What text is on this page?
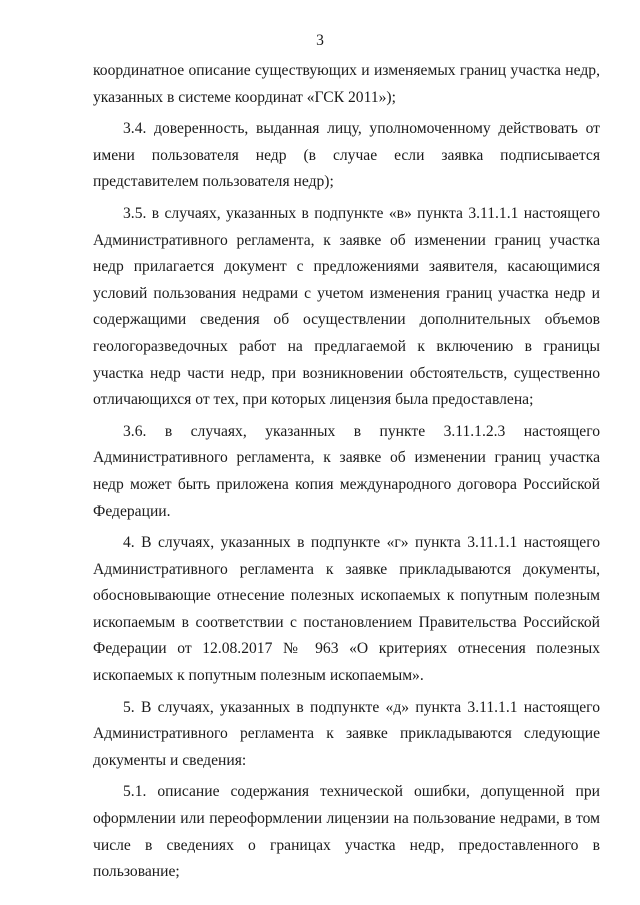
3

координатное описание существующих и изменяемых границ участка недр, указанных в системе координат «ГСК 2011»);

3.4. доверенность, выданная лицу, уполномоченному действовать от имени пользователя недр (в случае если заявка подписывается представителем пользователя недр);

3.5. в случаях, указанных в подпункте «в» пункта 3.11.1.1 настоящего Административного регламента, к заявке об изменении границ участка недр прилагается документ с предложениями заявителя, касающимися условий пользования недрами с учетом изменения границ участка недр и содержащими сведения об осуществлении дополнительных объемов геологоразведочных работ на предлагаемой к включению в границы участка недр части недр, при возникновении обстоятельств, существенно отличающихся от тех, при которых лицензия была предоставлена;

3.6. в случаях, указанных в пункте 3.11.1.2.3 настоящего Административного регламента, к заявке об изменении границ участка недр может быть приложена копия международного договора Российской Федерации.

4. В случаях, указанных в подпункте «г» пункта 3.11.1.1 настоящего Административного регламента к заявке прикладываются документы, обосновывающие отнесение полезных ископаемых к попутным полезным ископаемым в соответствии с постановлением Правительства Российской Федерации от 12.08.2017 № 963 «О критериях отнесения полезных ископаемых к попутным полезным ископаемым».

5. В случаях, указанных в подпункте «д» пункта 3.11.1.1 настоящего Административного регламента к заявке прикладываются следующие документы и сведения:

5.1. описание содержания технической ошибки, допущенной при оформлении или переоформлении лицензии на пользование недрами, в том числе в сведениях о границах участка недр, предоставленного в пользование;
